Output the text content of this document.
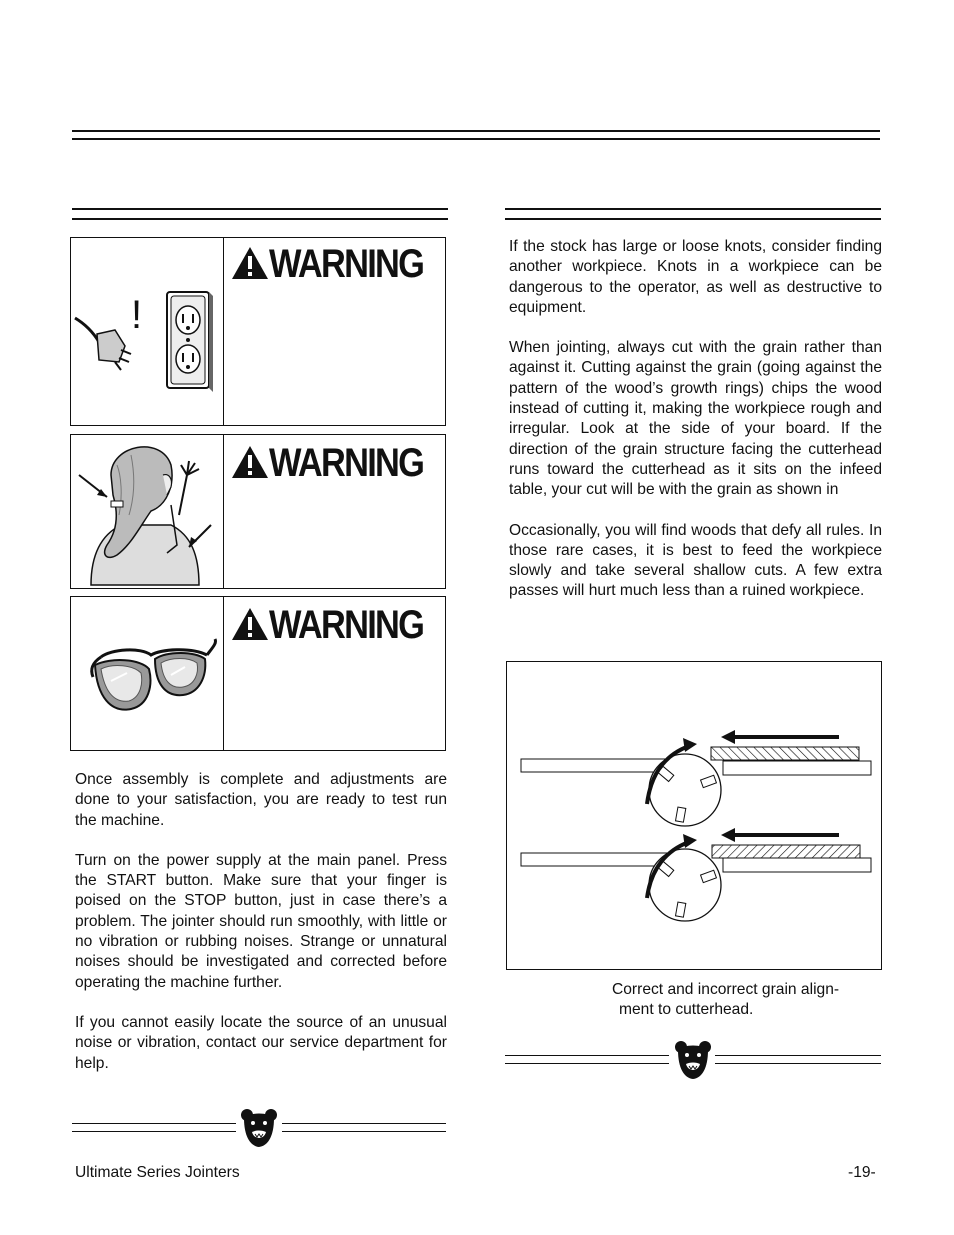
!
WARNING
WARNING
WARNING

Once assembly is complete and adjustments are done to your satisfaction, you are ready to test run the machine.

Turn on the power supply at the main panel. Press the START button. Make sure that your finger is poised on the STOP button, just in case there’s a problem. The jointer should run smoothly, with little or no vibration or rubbing noises. Strange or unnatural noises should be investigated and corrected before operating the machine further.

If you cannot easily locate the source of an unusual noise or vibration, contact our service department for help.

If the stock has large or loose knots, consider finding another workpiece. Knots in a workpiece can be dangerous to the operator, as well as destructive to equipment.

When jointing, always cut with the grain rather than against it. Cutting against the grain (going against the pattern of the wood’s growth rings) chips the wood instead of cutting it, making the workpiece rough and irregular. Look at the side of your board. If the direction of the grain structure facing the cutterhead runs toward the cutterhead as it sits on the infeed table, your cut will be with the grain as shown in

Occasionally, you will find woods that defy all rules. In those rare cases, it is best to feed the workpiece slowly and take several shallow cuts. A few extra passes will hurt much less than a ruined workpiece.

Correct and incorrect grain align-
ment to cutterhead.
Ultimate Series Jointers	-19-
